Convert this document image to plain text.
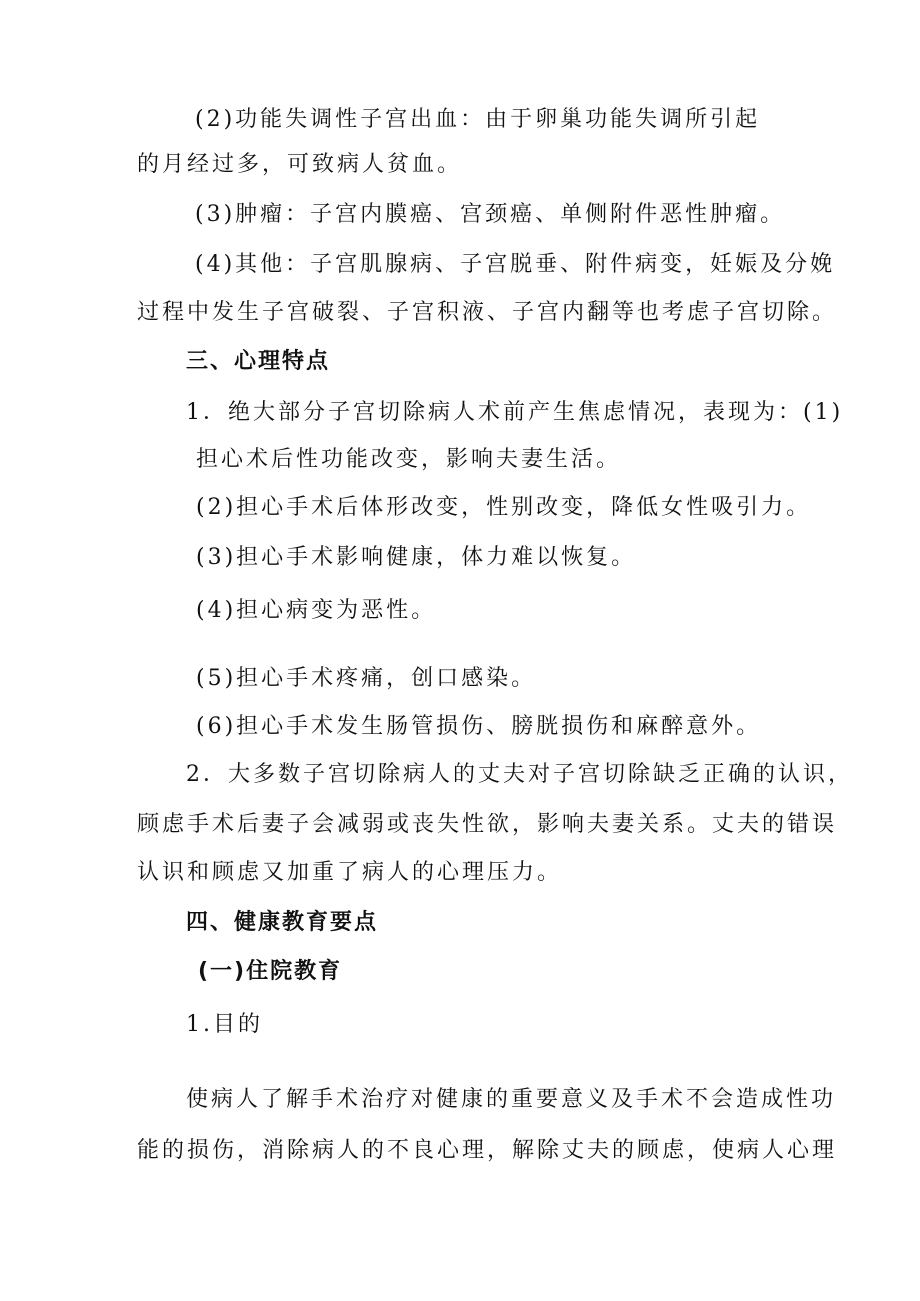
(2)功能失调性子宫出血：由于卵巢功能失调所引起
的月经过多，可致病人贫血。
(3)肿瘤：子宫内膜癌、宫颈癌、单侧附件恶性肿瘤。
(4)其他：子宫肌腺病、子宫脱垂、附件病变，妊娠及分娩
过程中发生子宫破裂、子宫积液、子宫内翻等也考虑子宫切除。
三、心理特点
1．绝大部分子宫切除病人术前产生焦虑情况，表现为：(1)
担心术后性功能改变，影响夫妻生活。
(2)担心手术后体形改变，性别改变，降低女性吸引力。
(3)担心手术影响健康，体力难以恢复。
(4)担心病变为恶性。
(5)担心手术疼痛，创口感染。
(6)担心手术发生肠管损伤、膀胱损伤和麻醉意外。
2．大多数子宫切除病人的丈夫对子宫切除缺乏正确的认识，
顾虑手术后妻子会减弱或丧失性欲，影响夫妻关系。丈夫的错误
认识和顾虑又加重了病人的心理压力。
四、健康教育要点
(一)住院教育
1.目的
使病人了解手术治疗对健康的重要意义及手术不会造成性功
能的损伤，消除病人的不良心理，解除丈夫的顾虑，使病人心理
